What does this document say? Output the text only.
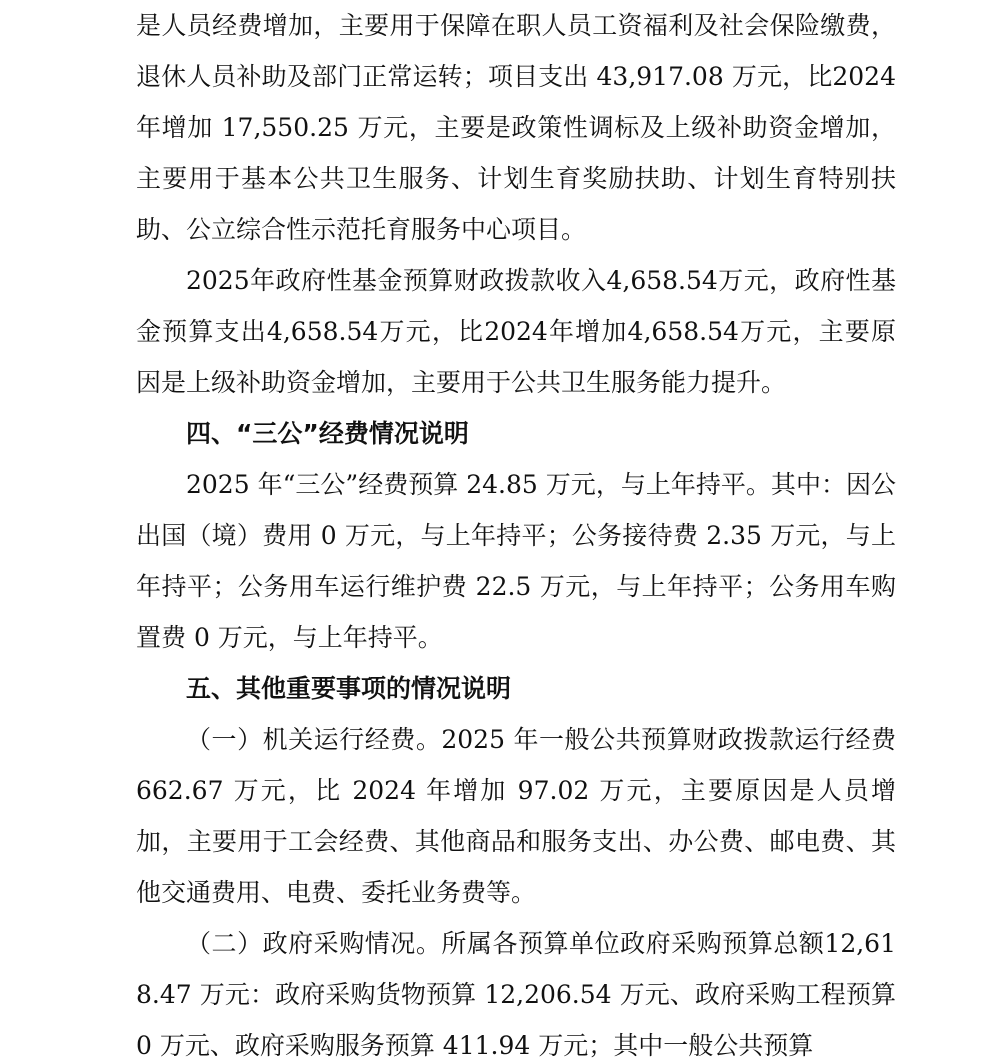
是人员经费增加，主要用于保障在职人员工资福利及社会保险缴费，退休人员补助及部门正常运转；项目支出 43,917.08 万元，比2024 年增加 17,550.25 万元，主要是政策性调标及上级补助资金增加，主要用于基本公共卫生服务、计划生育奖励扶助、计划生育特别扶助、公立综合性示范托育服务中心项目。

2025年政府性基金预算财政拨款收入4,658.54万元，政府性基金预算支出4,658.54万元，比2024年增加4,658.54万元，主要原因是上级补助资金增加，主要用于公共卫生服务能力提升。

四、“三公”经费情况说明

2025 年“三公”经费预算 24.85 万元，与上年持平。其中：因公出国（境）费用 0 万元，与上年持平；公务接待费 2.35 万元，与上年持平；公务用车运行维护费 22.5 万元，与上年持平；公务用车购置费 0 万元，与上年持平。

五、其他重要事项的情况说明

（一）机关运行经费。2025 年一般公共预算财政拨款运行经费 662.67 万元，比 2024 年增加 97.02 万元，主要原因是人员增加，主要用于工会经费、其他商品和服务支出、办公费、邮电费、其他交通费用、电费、委托业务费等。

（二）政府采购情况。所属各预算单位政府采购预算总额12,618.47 万元：政府采购货物预算 12,206.54 万元、政府采购工程预算 0 万元、政府采购服务预算 411.94 万元；其中一般公共预算
